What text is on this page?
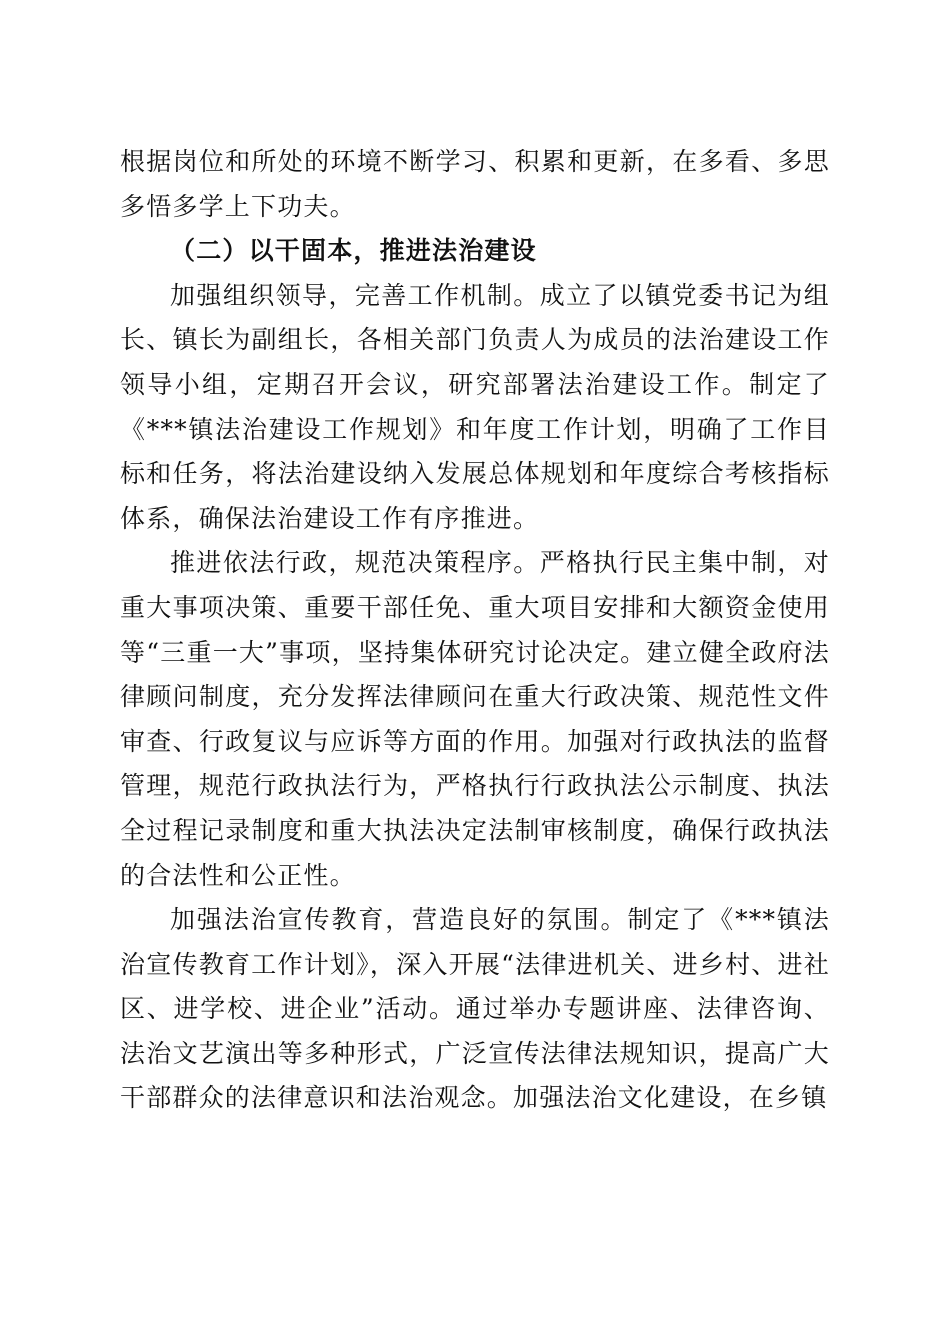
根据岗位和所处的环境不断学习、积累和更新，在多看、多思多悟多学上下功夫。

（二）以干固本，推进法治建设

加强组织领导，完善工作机制。成立了以镇党委书记为组长、镇长为副组长，各相关部门负责人为成员的法治建设工作领导小组，定期召开会议，研究部署法治建设工作。制定了《***镇法治建设工作规划》和年度工作计划，明确了工作目标和任务，将法治建设纳入发展总体规划和年度综合考核指标体系，确保法治建设工作有序推进。

推进依法行政，规范决策程序。严格执行民主集中制，对重大事项决策、重要干部任免、重大项目安排和大额资金使用等“三重一大”事项，坚持集体研究讨论决定。建立健全政府法律顾问制度，充分发挥法律顾问在重大行政决策、规范性文件审查、行政复议与应诉等方面的作用。加强对行政执法的监督管理，规范行政执法行为，严格执行行政执法公示制度、执法全过程记录制度和重大执法决定法制审核制度，确保行政执法的合法性和公正性。

加强法治宣传教育，营造良好的氛围。制定了《***镇法治宣传教育工作计划》，深入开展“法律进机关、进乡村、进社区、进学校、进企业”活动。通过举办专题讲座、法律咨询、法治文艺演出等多种形式，广泛宣传法律法规知识，提高广大干部群众的法律意识和法治观念。加强法治文化建设，在乡镇
